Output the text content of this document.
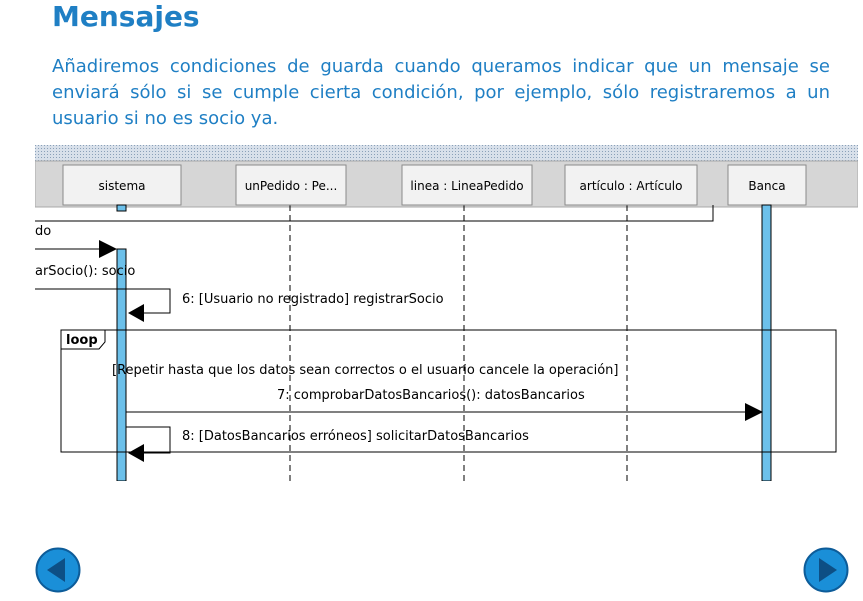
Mensajes
Añadiremos condiciones de guarda cuando queramos indicar que un mensaje se enviará sólo si se cumple cierta condición, por ejemplo, sólo registraremos a un usuario si no es socio ya.
sistema	unPedido : Pe...	linea : LineaPedido	artículo : Artículo	Banca
do
arSocio(): socio
6: [Usuario no registrado] registrarSocio
loop
[Repetir hasta que los datos sean correctos o el usuario cancele la operación]
7: comprobarDatosBancarios(): datosBancarios
8: [DatosBancarios erróneos] solicitarDatosBancarios
